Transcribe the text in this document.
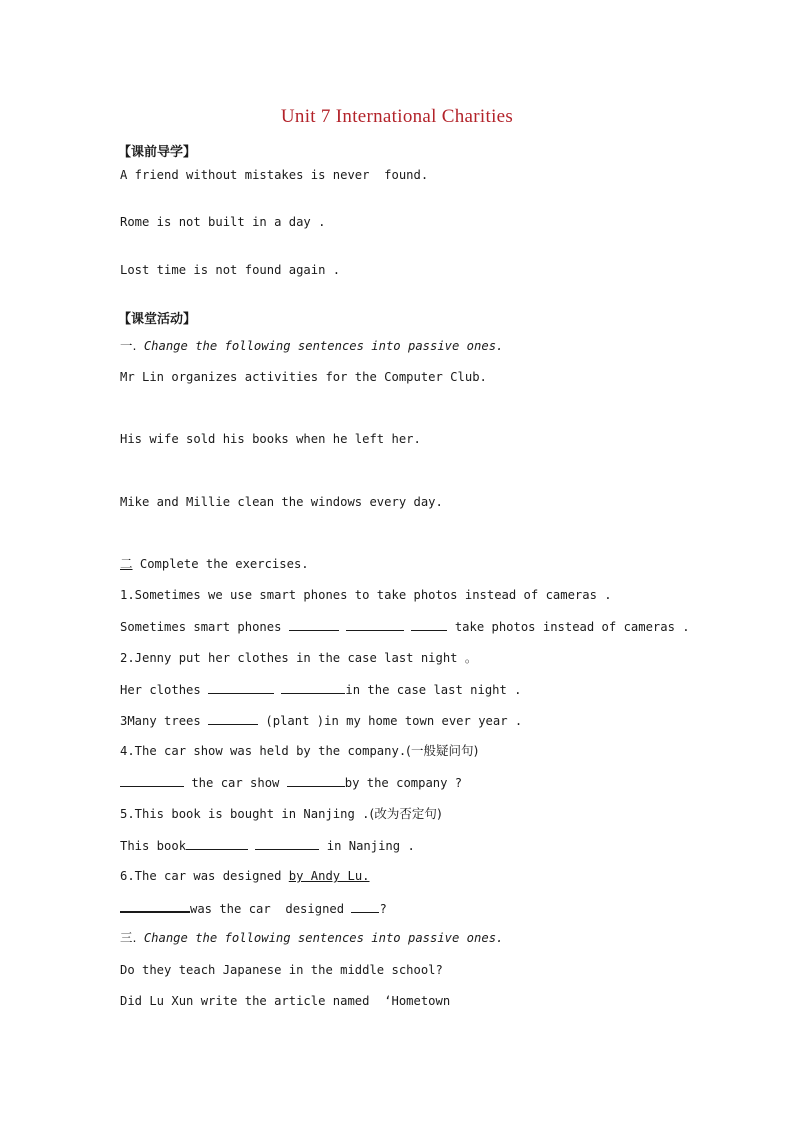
Unit 7 International Charities
【课前导学】
A friend without mistakes is never  found.
Rome is not built in a day .
Lost time is not found again .
【课堂活动】
一. Change the following sentences into passive ones.
Mr Lin organizes activities for the Computer Club.
His wife sold his books when he left her.
Mike and Millie clean the windows every day.
二 Complete the exercises.
1.Sometimes we use smart phones to take photos instead of cameras .
Sometimes smart phones	take photos instead of cameras .
2.Jenny put her clothes in the case last night 。
Her clothes	in the case last night .
3Many trees	(plant )in my home town ever year .
4.The car show was held by the company.(一般疑问句)
the car show	by the company ?
5.This book is bought in Nanjing .(改为否定句)
This book	in Nanjing .
6.The car was designed by Andy Lu.
was the car  designed	?
三. Change the following sentences into passive ones.
Do they teach Japanese in the middle school?
Did Lu Xun write the article named  ‘Hometown
